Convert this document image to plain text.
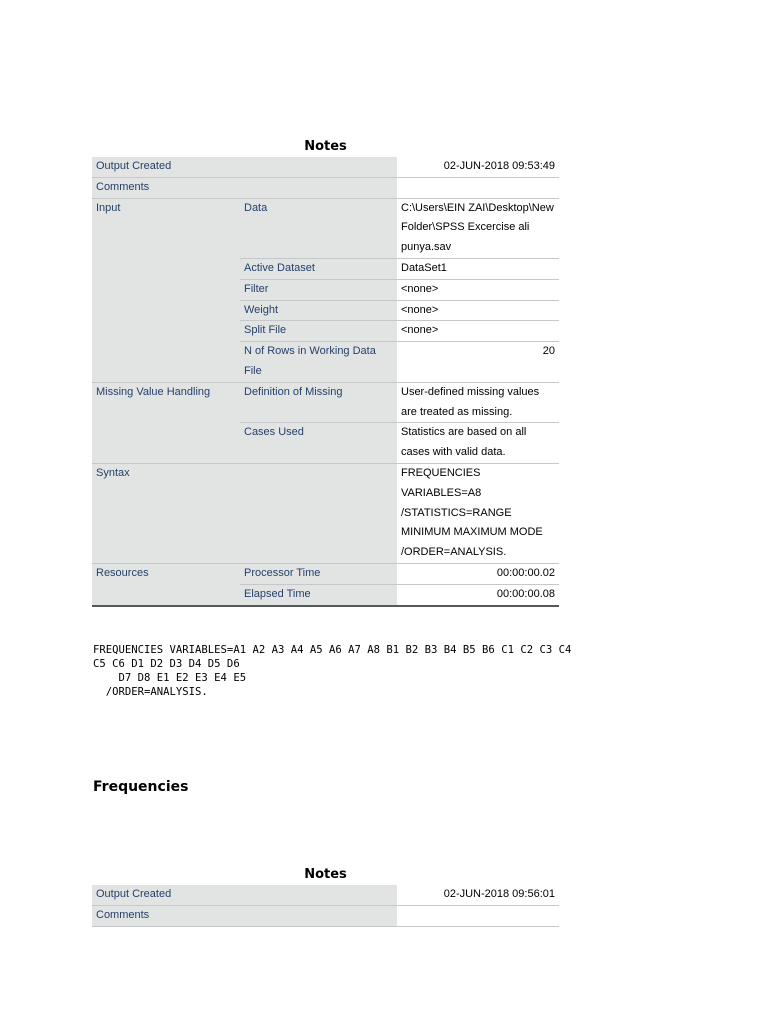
Notes
Output Created		02-JUN-2018 09:53:49
Comments		
Input	Data	C:\Users\EIN ZAI\Desktop\New Folder\SPSS Excercise ali punya.sav
	Active Dataset	DataSet1
	Filter	<none>
	Weight	<none>
	Split File	<none>
	N of Rows in Working Data File	20
Missing Value Handling	Definition of Missing	User-defined missing values are treated as missing.
	Cases Used	Statistics are based on all cases with valid data.
Syntax		FREQUENCIES
VARIABLES=A8
/STATISTICS=RANGE
MINIMUM MAXIMUM MODE
/ORDER=ANALYSIS.
Resources	Processor Time	00:00:00.02
	Elapsed Time	00:00:00.08
FREQUENCIES VARIABLES=A1 A2 A3 A4 A5 A6 A7 A8 B1 B2 B3 B4 B5 B6 C1 C2 C3 C4
C5 C6 D1 D2 D3 D4 D5 D6
D7 D8 E1 E2 E3 E4 E5
/ORDER=ANALYSIS.
Frequencies
Notes
Output Created	02-JUN-2018 09:56:01
Comments	
